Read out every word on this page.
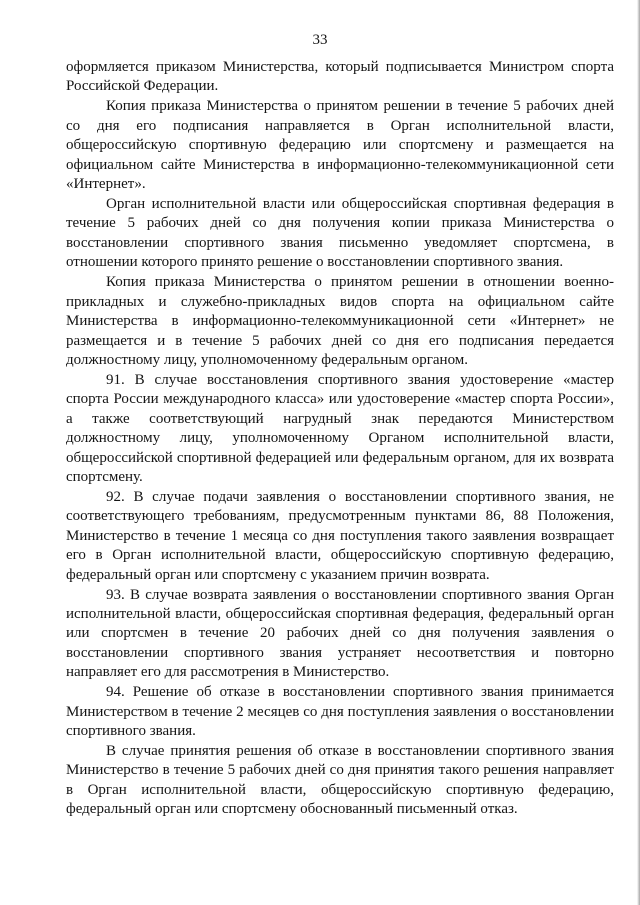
33

оформляется приказом Министерства, который подписывается Министром спорта Российской Федерации.

Копия приказа Министерства о принятом решении в течение 5 рабочих дней со дня его подписания направляется в Орган исполнительной власти, общероссийскую спортивную федерацию или спортсмену и размещается на официальном сайте Министерства в информационно-телекоммуникационной сети «Интернет».

Орган исполнительной власти или общероссийская спортивная федерация в течение 5 рабочих дней со дня получения копии приказа Министерства о восстановлении спортивного звания письменно уведомляет спортсмена, в отношении которого принято решение о восстановлении спортивного звания.

Копия приказа Министерства о принятом решении в отношении военно-прикладных и служебно-прикладных видов спорта на официальном сайте Министерства в информационно-телекоммуникационной сети «Интернет» не размещается и в течение 5 рабочих дней со дня его подписания передается должностному лицу, уполномоченному федеральным органом.

91. В случае восстановления спортивного звания удостоверение «мастер спорта России международного класса» или удостоверение «мастер спорта России», а также соответствующий нагрудный знак передаются Министерством должностному лицу, уполномоченному Органом исполнительной власти, общероссийской спортивной федерацией или федеральным органом, для их возврата спортсмену.

92. В случае подачи заявления о восстановлении спортивного звания, не соответствующего требованиям, предусмотренным пунктами 86, 88 Положения, Министерство в течение 1 месяца со дня поступления такого заявления возвращает его в Орган исполнительной власти, общероссийскую спортивную федерацию, федеральный орган или спортсмену с указанием причин возврата.

93. В случае возврата заявления о восстановлении спортивного звания Орган исполнительной власти, общероссийская спортивная федерация, федеральный орган или спортсмен в течение 20 рабочих дней со дня получения заявления о восстановлении спортивного звания устраняет несоответствия и повторно направляет его для рассмотрения в Министерство.

94. Решение об отказе в восстановлении спортивного звания принимается Министерством в течение 2 месяцев со дня поступления заявления о восстановлении спортивного звания.

В случае принятия решения об отказе в восстановлении спортивного звания Министерство в течение 5 рабочих дней со дня принятия такого решения направляет в Орган исполнительной власти, общероссийскую спортивную федерацию, федеральный орган или спортсмену обоснованный письменный отказ.
